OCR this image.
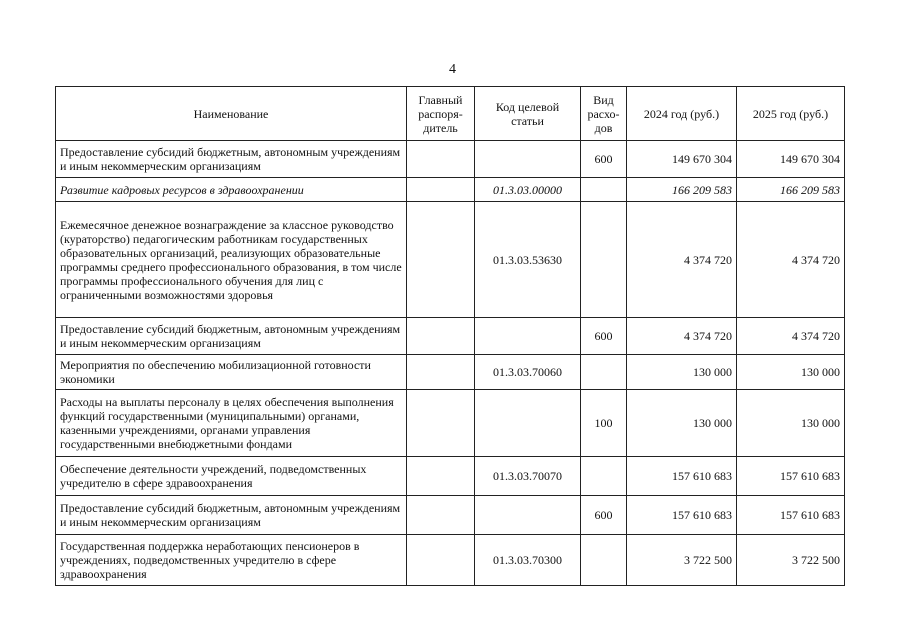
4
Наименование	Главный распоря-дитель	Код целевой статьи	Вид расхо-дов	2024 год (руб.)	2025 год (руб.)
Предоставление субсидий бюджетным, автономным учреждениям и иным некоммерческим организациям			600	149 670 304	149 670 304
Развитие кадровых ресурсов в здравоохранении		01.3.03.00000		166 209 583	166 209 583
Ежемесячное денежное вознаграждение за классное руководство (кураторство) педагогическим работникам государственных образовательных организаций, реализующих образовательные программы среднего профессионального образования, в том числе программы профессионального обучения для лиц с ограниченными возможностями здоровья		01.3.03.53630		4 374 720	4 374 720
Предоставление субсидий бюджетным, автономным учреждениям и иным некоммерческим организациям			600	4 374 720	4 374 720
Мероприятия по обеспечению мобилизационной готовности экономики		01.3.03.70060		130 000	130 000
Расходы на выплаты персоналу в целях обеспечения выполнения функций государственными (муниципальными) органами, казенными учреждениями, органами управления государственными внебюджетными фондами			100	130 000	130 000
Обеспечение деятельности учреждений, подведомственных учредителю в сфере здравоохранения		01.3.03.70070		157 610 683	157 610 683
Предоставление субсидий бюджетным, автономным учреждениям и иным некоммерческим организациям			600	157 610 683	157 610 683
Государственная поддержка неработающих пенсионеров в учреждениях, подведомственных учредителю в сфере здравоохранения		01.3.03.70300		3 722 500	3 722 500
